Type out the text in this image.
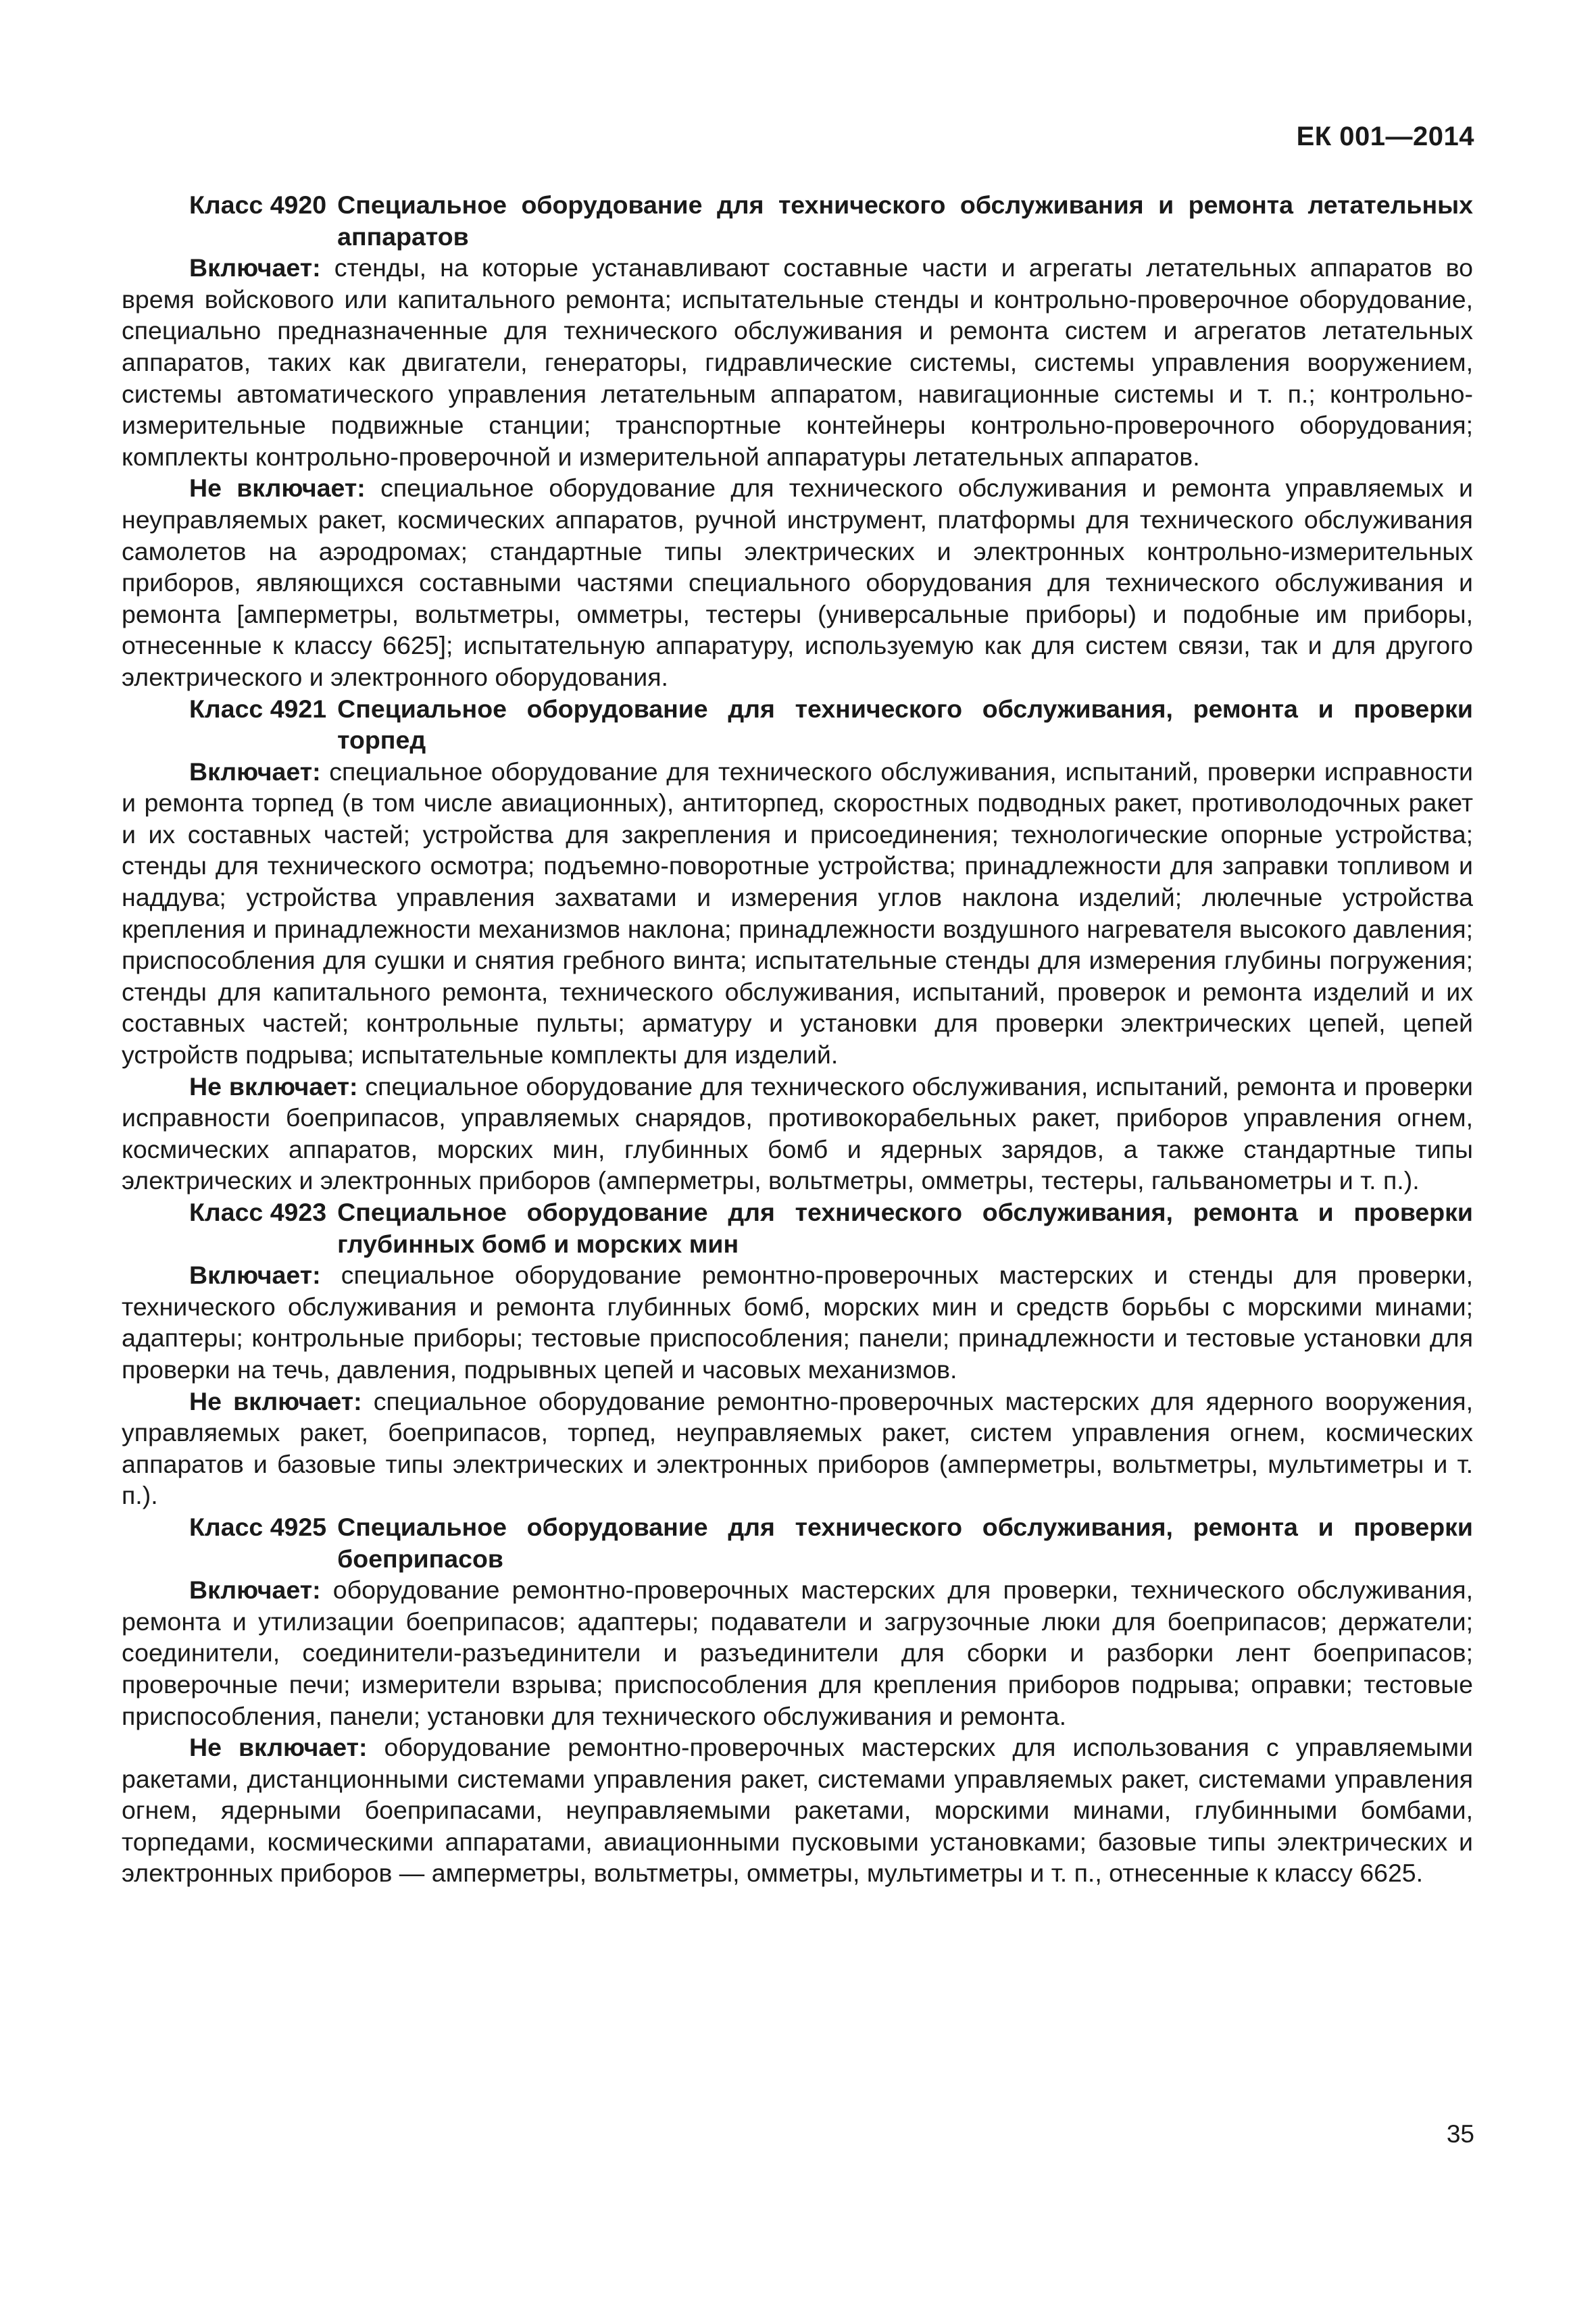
ЕК 001—2014
Класс 4920 Специальное оборудование для технического обслуживания и ремонта летательных аппаратов

Включает: стенды, на которые устанавливают составные части и агрегаты летательных аппаратов во время войскового или капитального ремонта; испытательные стенды и контрольно-проверочное оборудование, специально предназначенные для технического обслуживания и ремонта систем и агрегатов летательных аппаратов, таких как двигатели, генераторы, гидравлические системы, системы управления вооружением, системы автоматического управления летательным аппаратом, навигационные системы и т. п.; контрольно-измерительные подвижные станции; транспортные контейнеры контрольно-проверочного оборудования; комплекты контрольно-проверочной и измерительной аппаратуры летательных аппаратов.

Не включает: специальное оборудование для технического обслуживания и ремонта управляемых и неуправляемых ракет, космических аппаратов, ручной инструмент, платформы для технического обслуживания самолетов на аэродромах; стандартные типы электрических и электронных контрольно-измерительных приборов, являющихся составными частями специального оборудования для технического обслуживания и ремонта [амперметры, вольтметры, омметры, тестеры (универсальные приборы) и подобные им приборы, отнесенные к классу 6625]; испытательную аппаратуру, используемую как для систем связи, так и для другого электрического и электронного оборудования.

Класс 4921 Специальное оборудование для технического обслуживания, ремонта и проверки торпед

Включает: специальное оборудование для технического обслуживания, испытаний, проверки исправности и ремонта торпед (в том числе авиационных), антиторпед, скоростных подводных ракет, противолодочных ракет и их составных частей; устройства для закрепления и присоединения; технологические опорные устройства; стенды для технического осмотра; подъемно-поворотные устройства; принадлежности для заправки топливом и наддува; устройства управления захватами и измерения углов наклона изделий; люлечные устройства крепления и принадлежности механизмов наклона; принадлежности воздушного нагревателя высокого давления; приспособления для сушки и снятия гребного винта; испытательные стенды для измерения глубины погружения; стенды для капитального ремонта, технического обслуживания, испытаний, проверок и ремонта изделий и их составных частей; контрольные пульты; арматуру и установки для проверки электрических цепей, цепей устройств подрыва; испытательные комплекты для изделий.

Не включает: специальное оборудование для технического обслуживания, испытаний, ремонта и проверки исправности боеприпасов, управляемых снарядов, противокорабельных ракет, приборов управления огнем, космических аппаратов, морских мин, глубинных бомб и ядерных зарядов, а также стандартные типы электрических и электронных приборов (амперметры, вольтметры, омметры, тестеры, гальванометры и т. п.).

Класс 4923 Специальное оборудование для технического обслуживания, ремонта и проверки глубинных бомб и морских мин

Включает: специальное оборудование ремонтно-проверочных мастерских и стенды для проверки, технического обслуживания и ремонта глубинных бомб, морских мин и средств борьбы с морскими минами; адаптеры; контрольные приборы; тестовые приспособления; панели; принадлежности и тестовые установки для проверки на течь, давления, подрывных цепей и часовых механизмов.

Не включает: специальное оборудование ремонтно-проверочных мастерских для ядерного вооружения, управляемых ракет, боеприпасов, торпед, неуправляемых ракет, систем управления огнем, космических аппаратов и базовые типы электрических и электронных приборов (амперметры, вольтметры, мультиметры и т. п.).

Класс 4925 Специальное оборудование для технического обслуживания, ремонта и проверки боеприпасов

Включает: оборудование ремонтно-проверочных мастерских для проверки, технического обслуживания, ремонта и утилизации боеприпасов; адаптеры; подаватели и загрузочные люки для боеприпасов; держатели; соединители, соединители-разъединители и разъединители для сборки и разборки лент боеприпасов; проверочные печи; измерители взрыва; приспособления для крепления приборов подрыва; оправки; тестовые приспособления, панели; установки для технического обслуживания и ремонта.

Не включает: оборудование ремонтно-проверочных мастерских для использования с управляемыми ракетами, дистанционными системами управления ракет, системами управляемых ракет, системами управления огнем, ядерными боеприпасами, неуправляемыми ракетами, морскими минами, глубинными бомбами, торпедами, космическими аппаратами, авиационными пусковыми установками; базовые типы электрических и электронных приборов — амперметры, вольтметры, омметры, мультиметры и т. п., отнесенные к классу 6625.

35
